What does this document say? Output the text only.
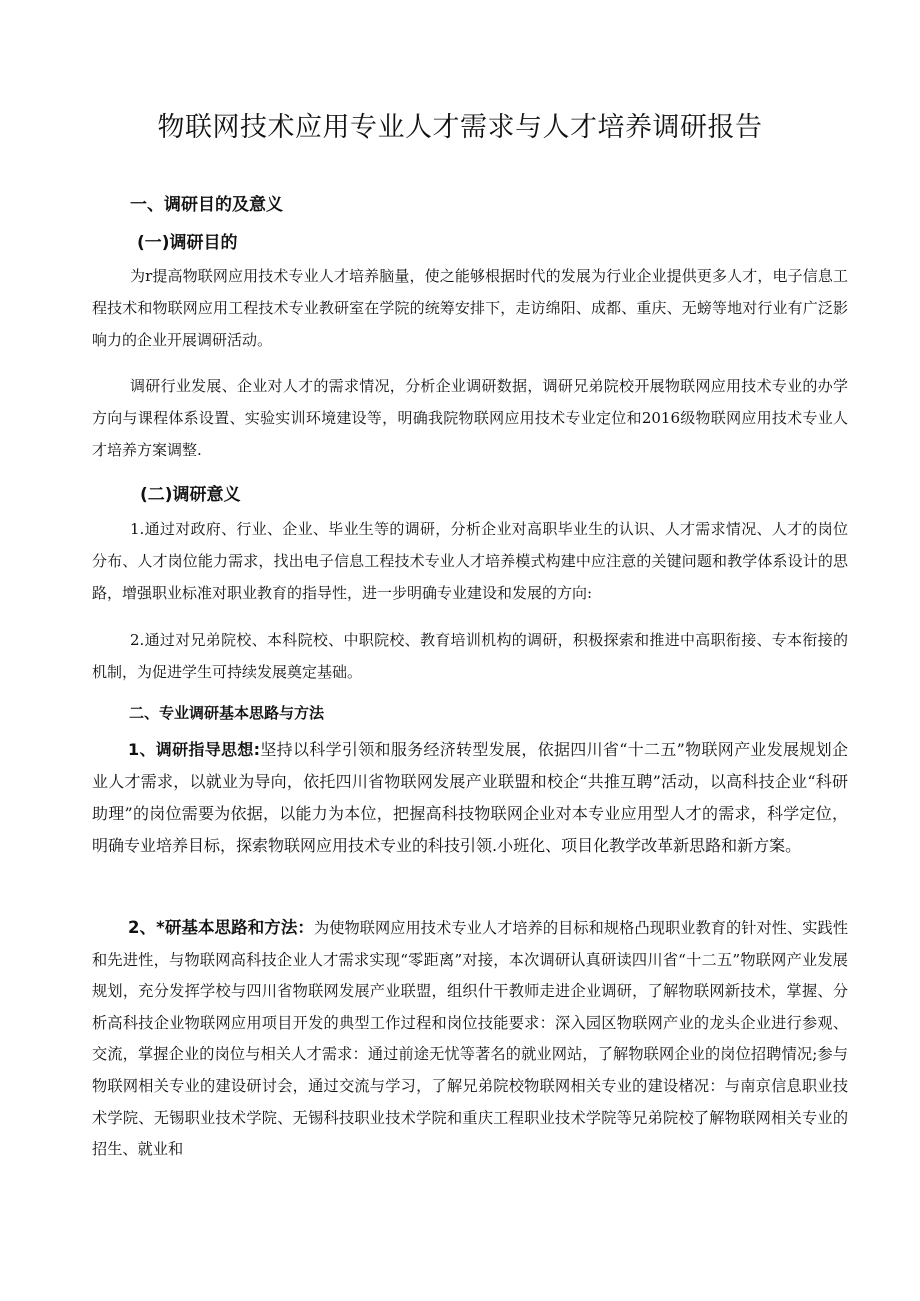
物联网技术应用专业人才需求与人才培养调研报告
一、调研目的及意义
(一)调研目的

为r提高物联网应用技术专业人才培养脑量，使之能够根据时代的发展为行业企业提供更多人才，电子信息工程技术和物联网应用工程技术专业教研室在学院的统筹安排下，走访绵阳、成都、重庆、无螃等地对行业有广泛影响力的企业开展调研活动。

调研行业发展、企业对人才的需求情况，分析企业调研数据，调研兄弟院校开展物联网应用技术专业的办学方向与课程体系设置、实验实训环境建设等，明确我院物联网应用技术专业定位和2016级物联网应用技术专业人才培养方案调整.

(二)调研意义

1.通过对政府、行业、企业、毕业生等的调研，分析企业对高职毕业生的认识、人才需求情况、人才的岗位分布、人才岗位能力需求，找出电子信息工程技术专业人才培养模式构建中应注意的关键问题和教学体系设计的思路，增强职业标准对职业教育的指导性，进一步明确专业建设和发展的方向:

2.通过对兄弟院校、本科院校、中职院校、教育培训机构的调研，积极探索和推进中高职衔接、专本衔接的机制，为促进学生可持续发展奠定基础。

二、专业调研基本思路与方法

1、调研指导思想:坚持以科学引领和服务经济转型发展，依据四川省“十二五”物联网产业发展规划企业人才需求，以就业为导向，依托四川省物联网发展产业联盟和校企“共推互聘”活动，以高科技企业“科研助理”的岗位需要为依据，以能力为本位，把握高科技物联网企业对本专业应用型人才的需求，科学定位，明确专业培养目标，探索物联网应用技术专业的科技引领.小班化、项目化教学改革新思路和新方案。

2、*研基本思路和方法：为使物联网应用技术专业人才培养的目标和规格凸现职业教育的针对性、实践性和先进性，与物联网高科技企业人才需求实现“零距离”对接，本次调研认真研读四川省“十二五”物联网产业发展规划，充分发挥学校与四川省物联网发展产业联盟，组织什干教师走进企业调研，了解物联网新技术，掌握、分析高科技企业物联网应用项目开发的典型工作过程和岗位技能要求：深入园区物联网产业的龙头企业进行参观、交流，掌握企业的岗位与相关人才需求：通过前途无忧等著名的就业网站，了解物联网企业的岗位招聘情况;参与物联网相关专业的建设研讨会，通过交流与学习，了解兄弟院校物联网相关专业的建设楮况：与南京信息职业技术学院、无锡职业技术学院、无锡科技职业技术学院和重庆工程职业技术学院等兄弟院校了解物联网相关专业的招生、就业和
